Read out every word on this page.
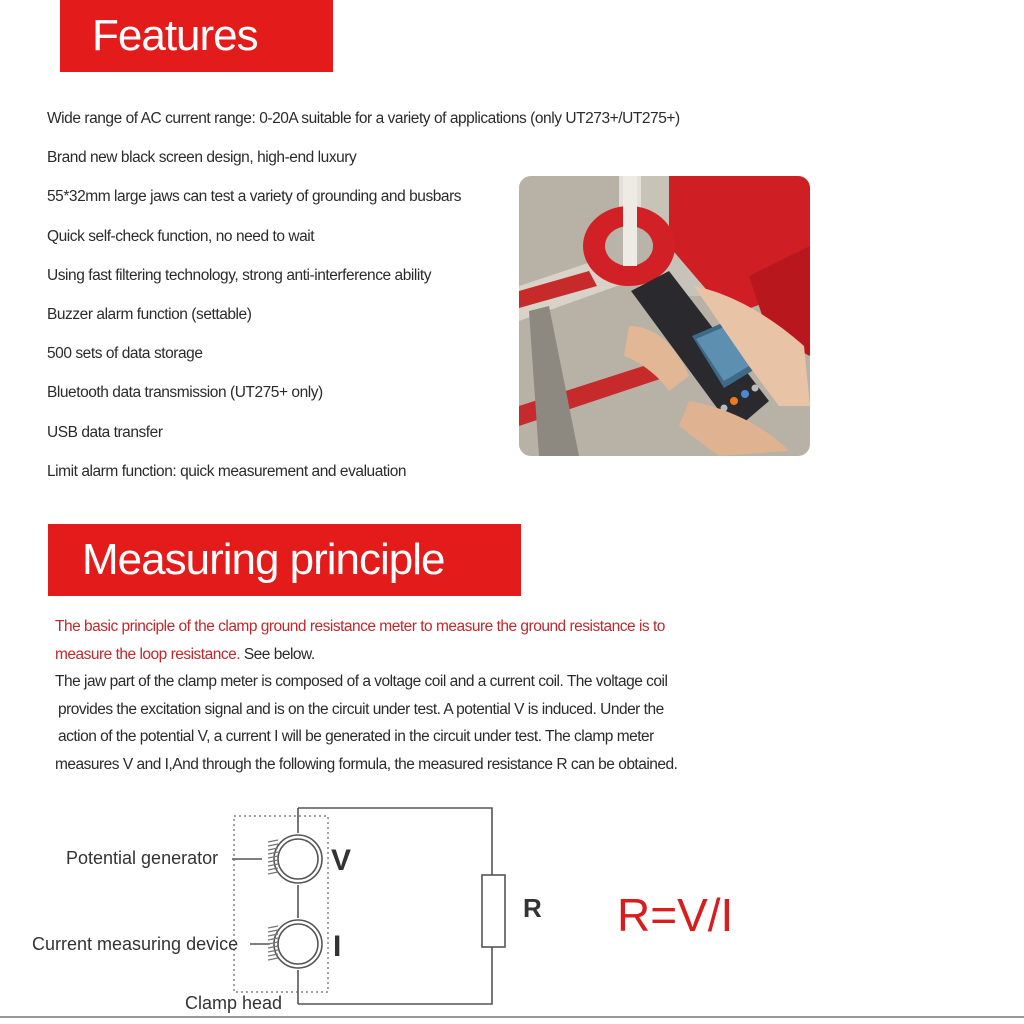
Features
Wide range of AC current range: 0-20A suitable for a variety of applications (only UT273+/UT275+)
Brand new black screen design, high-end luxury
55*32mm large jaws can test a variety of grounding and busbars
Quick self-check function, no need to wait
Using fast filtering technology, strong anti-interference ability
Buzzer alarm function (settable)
500 sets of data storage
Bluetooth data transmission (UT275+ only)
USB data transfer
Limit alarm function: quick measurement and evaluation
Measuring principle
The basic principle of the clamp ground resistance meter to measure the ground resistance is to
measure the loop resistance. See below.
The jaw part of the clamp meter is composed of a voltage coil and a current coil. The voltage coil
provides the excitation signal and is on the circuit under test. A potential V is induced. Under the
action of the potential V, a current I will be generated in the circuit under test. The clamp meter
measures V and I,And through the following formula, the measured resistance R can be obtained.
Potential generator
Current measuring device
Clamp head
V
I
R R=V/I
